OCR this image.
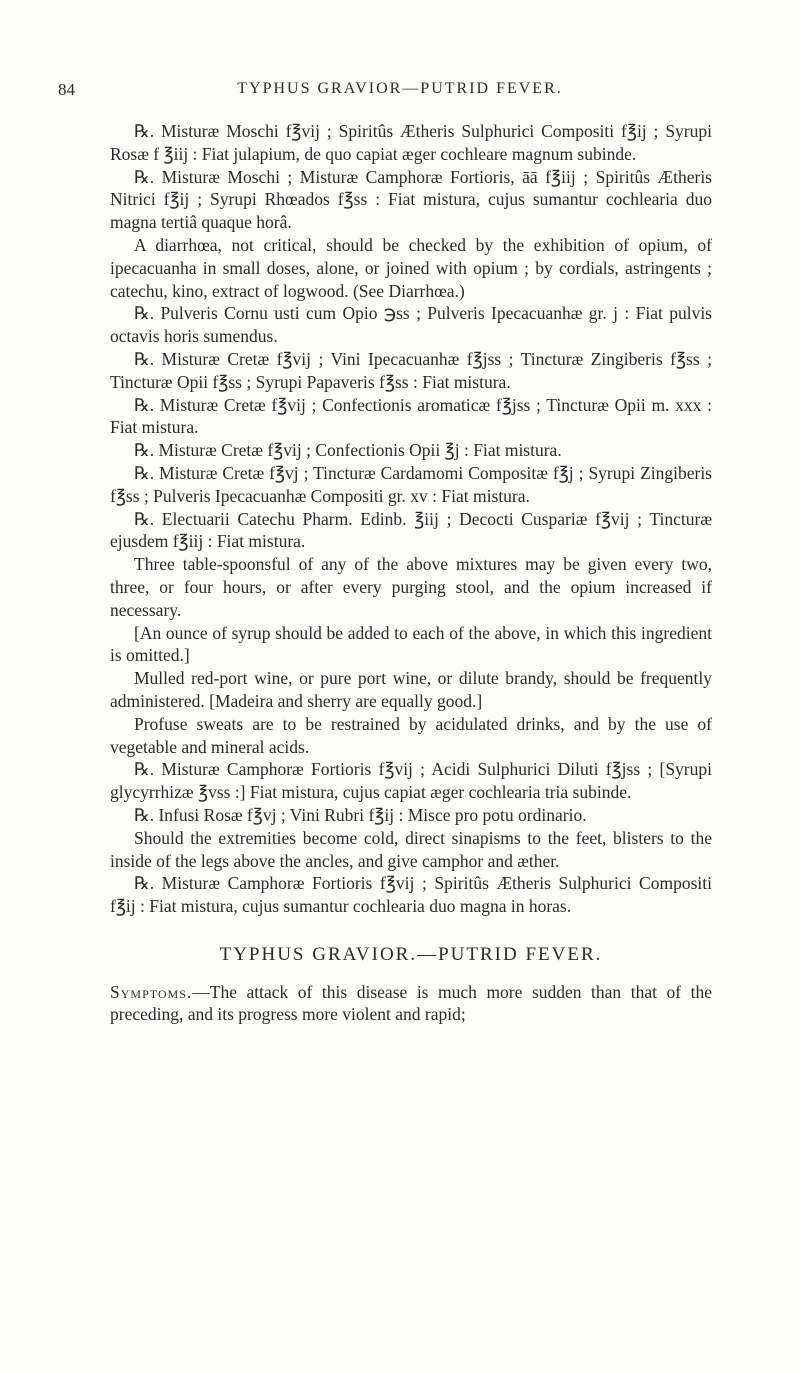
84	TYPHUS GRAVIOR—PUTRID FEVER.

℞. Misturæ Moschi f℥vij ; Spiritûs Ætheris Sulphurici Compositi f℥ij ; Syrupi Rosæ f ℥iij : Fiat julapium, de quo capiat æger cochleare magnum subinde.

℞. Misturæ Moschi ; Misturæ Camphoræ Fortioris, āā f℥iij ; Spiritûs Ætheris Nitrici f℥ij ; Syrupi Rhœados f℥ss : Fiat mistura, cujus sumantur cochlearia duo magna tertiâ quaque horâ.

A diarrhœa, not critical, should be checked by the exhibition of opium, of ipecacuanha in small doses, alone, or joined with opium ; by cordials, astringents ; catechu, kino, extract of logwood. (See Diarrhœa.)

℞. Pulveris Cornu usti cum Opio ℈ss ; Pulveris Ipecacuanhæ gr. j : Fiat pulvis octavis horis sumendus.

℞. Misturæ Cretæ f℥vij ; Vini Ipecacuanhæ f℥jss ; Tincturæ Zingiberis f℥ss ; Tincturæ Opii f℥ss ; Syrupi Papaveris f℥ss : Fiat mistura.

℞. Misturæ Cretæ f℥vij ; Confectionis aromaticæ f℥jss ; Tincturæ Opii m. xxx : Fiat mistura.

℞. Misturæ Cretæ f℥vij ; Confectionis Opii ℥j : Fiat mistura.

℞. Misturæ Cretæ f℥vj ; Tincturæ Cardamomi Compositæ f℥j ; Syrupi Zingiberis f℥ss ; Pulveris Ipecacuanhæ Compositi gr. xv : Fiat mistura.

℞. Electuarii Catechu Pharm. Edinb. ℥iij ; Decocti Cuspariæ f℥vij ; Tincturæ ejusdem f℥iij : Fiat mistura.

Three table-spoonsful of any of the above mixtures may be given every two, three, or four hours, or after every purging stool, and the opium increased if necessary.

[An ounce of syrup should be added to each of the above, in which this ingredient is omitted.]

Mulled red-port wine, or pure port wine, or dilute brandy, should be frequently administered. [Madeira and sherry are equally good.]

Profuse sweats are to be restrained by acidulated drinks, and by the use of vegetable and mineral acids.

℞. Misturæ Camphoræ Fortioris f℥vij ; Acidi Sulphurici Diluti f℥jss ; [Syrupi glycyrrhizæ ℥vss :] Fiat mistura, cujus capiat æger cochlearia tria subinde.

℞. Infusi Rosæ f℥vj ; Vini Rubri f℥ij : Misce pro potu ordinario.

Should the extremities become cold, direct sinapisms to the feet, blisters to the inside of the legs above the ancles, and give camphor and æther.

℞. Misturæ Camphoræ Fortioris f℥vij ; Spiritûs Ætheris Sulphurici Compositi f℥ij : Fiat mistura, cujus sumantur cochlearia duo magna in horas.

TYPHUS GRAVIOR.—PUTRID FEVER.

Symptoms.—The attack of this disease is much more sudden than that of the preceding, and its progress more violent and rapid;
